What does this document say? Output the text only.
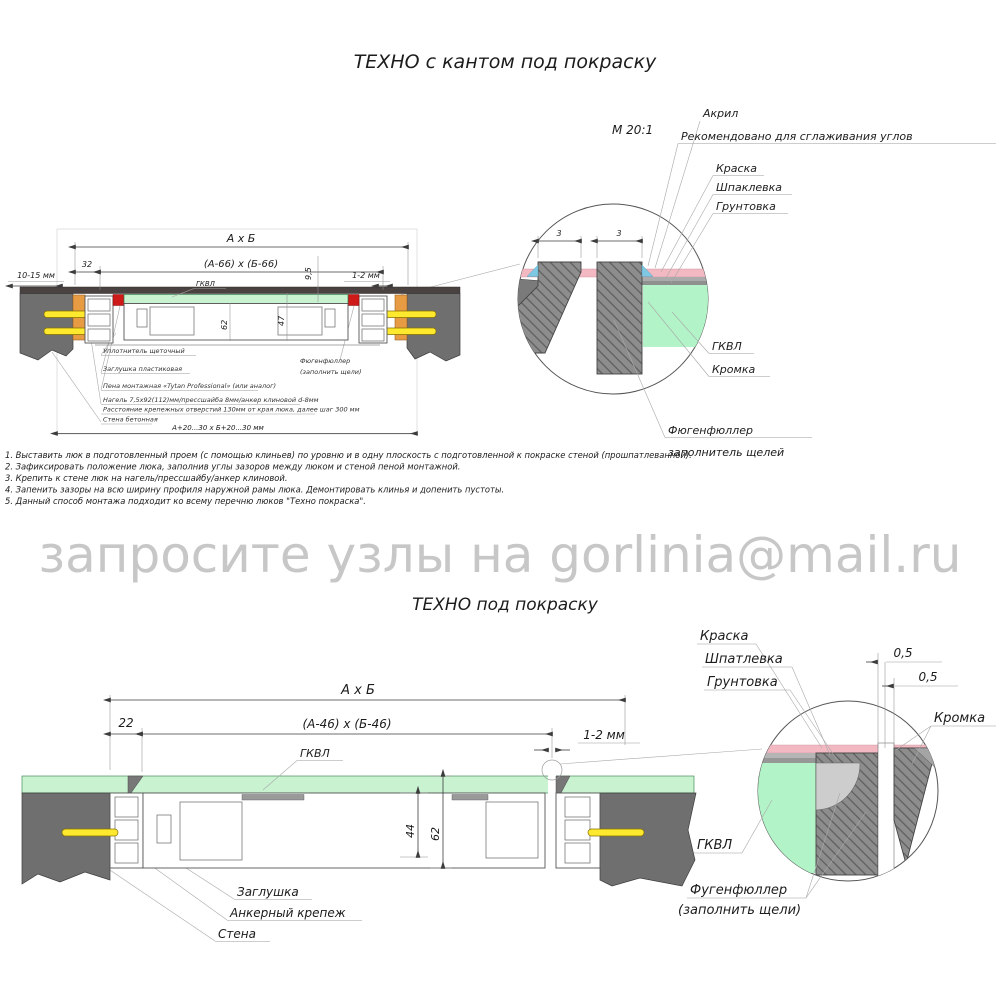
ТЕХНО с кантом под покраску
А х Б
32	(А-66) х (Б-66)
10-15 мм
ГКВЛ
9,5	1-2 мм
62	47
А+20...30 х Б+20...30 мм
Уплотнитель щеточный
Заглушка пластиковая
Пена монтажная «Tytan Professional» (или аналог)
Нагель 7,5х92(112)мм/прессшайба 8мм/анкер клиновой d-8мм
Расстояние крепежных отверстий 130мм от края люка, далее шаг 300 мм
Стена бетонная
Фюгенфюллер
(заполнить щели)
3	3
М 20:1
Акрил
Рекомендовано для сглаживания углов
Краска
Шпаклевка
Грунтовка
ГКВЛ
Кромка
Фюгенфюллер
заполнитель щелей
1. Выставить люк в подготовленный проем (с помощью клиньев) по уровню и в одну плоскость с подготовленной к покраске стеной (прошпатлеванной).
2. Зафиксировать положение люка, заполнив углы зазоров между люком и стеной пеной монтажной.
3. Крепить к стене люк на нагель/прессшайбу/анкер клиновой.
4. Запенить зазоры на всю ширину профиля наружной рамы люка. Демонтировать клинья и допенить пустоты.
5. Данный способ монтажа подходит ко всему перечню люков "Техно покраска".
запросите узлы на gorlinia@mail.ru
ТЕХНО под покраску
А х Б
22	(А-46) х (Б-46)
1-2 мм
ГКВЛ
44 62
Заглушка
Анкерный крепеж
Стена
0,5
0,5
Краска
Шпатлевка
Грунтовка
Кромка
ГКВЛ
Фугенфюллер
(заполнить щели)
